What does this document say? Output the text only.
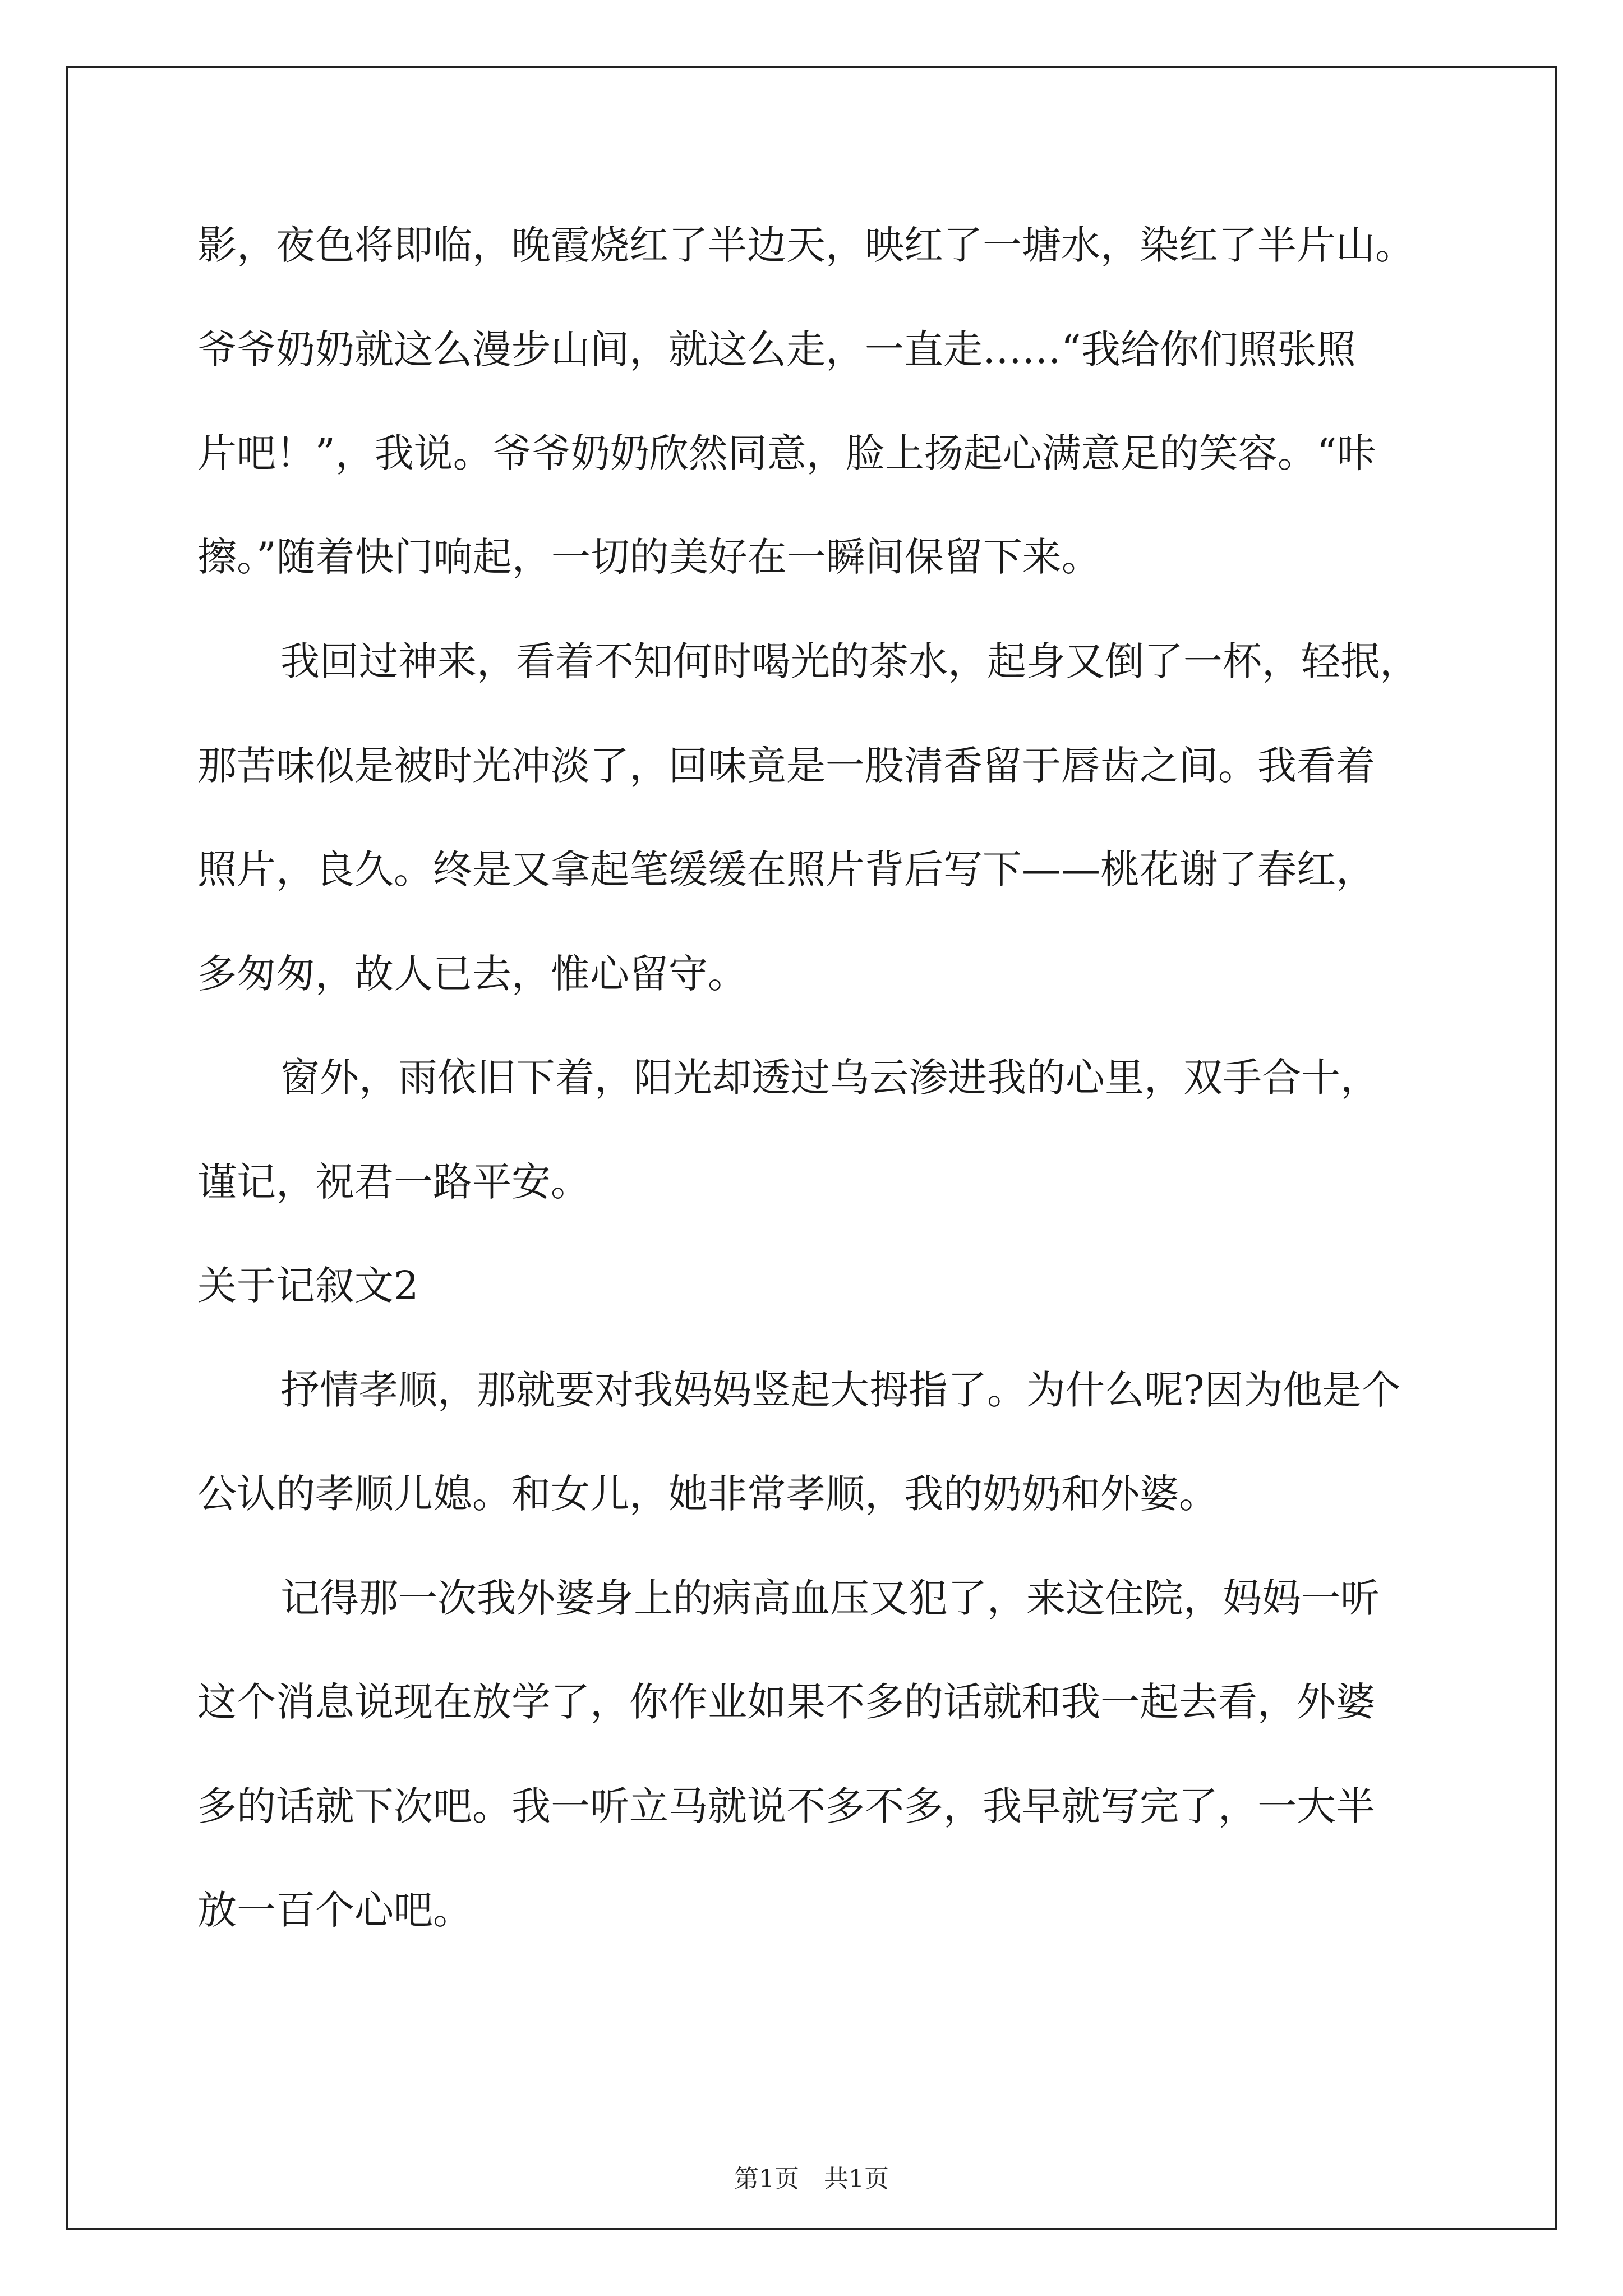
影，夜色将即临，晚霞烧红了半边天，映红了一塘水，染红了半片山。
爷爷奶奶就这么漫步山间，就这么走，一直走……“我给你们照张照
片吧！”，我说。爷爷奶奶欣然同意，脸上扬起心满意足的笑容。“咔
擦。”随着快门响起，一切的美好在一瞬间保留下来。
我回过神来，看着不知何时喝光的茶水，起身又倒了一杯，轻抿，
那苦味似是被时光冲淡了，回味竟是一股清香留于唇齿之间。我看着
照片，良久。终是又拿起笔缓缓在照片背后写下——桃花谢了春红，
多匆匆，故人已去，惟心留守。
窗外，雨依旧下着，阳光却透过乌云渗进我的心里，双手合十，
谨记，祝君一路平安。
关于记叙文2
抒情孝顺，那就要对我妈妈竖起大拇指了。为什么呢?因为他是个
公认的孝顺儿媳。和女儿，她非常孝顺，我的奶奶和外婆。
记得那一次我外婆身上的病高血压又犯了，来这住院，妈妈一听
这个消息说现在放学了，你作业如果不多的话就和我一起去看，外婆
多的话就下次吧。我一听立马就说不多不多，我早就写完了，一大半
放一百个心吧。
第1页　共1页
